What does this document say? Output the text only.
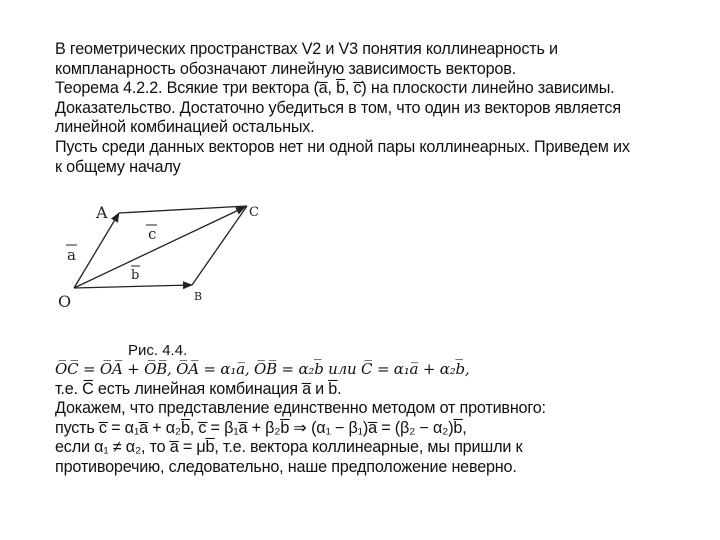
В геометрических пространствах V2 и V3 понятия коллинеарность и
компланарность обозначают линейную зависимость векторов.
Теорема 4.2.2. Всякие три вектора (a̅, b̅, c̅) на плоскости линейно зависимы.
Доказательство. Достаточно убедиться в том, что один из векторов является
линейной комбинацией остальных.
Пусть среди данных векторов нет ни одной пары коллинеарных. Приведем их
к общему началу
A	C
O	B
c
a
b
Рис. 4.4.
O̅C̅ = O̅A̅ + O̅B̅, O̅A̅ = α₁a̅, O̅B̅ = α₂b̅ или C̅ = α₁a̅ + α₂b̅,
т.е. C̅ есть линейная комбинация a̅ и b̅.
Докажем, что представление единственно методом от противного:
пусть c̅ = α₁a̅ + α₂b̅, c̅ = β₁a̅ + β₂b̅ ⇒ (α₁ − β₁)a̅ = (β₂ − α₂)b̅,
если α₁ ≠ α₂, то a̅ = μb̅, т.е. вектора коллинеарные, мы пришли к
противоречию, следовательно, наше предположение неверно.
